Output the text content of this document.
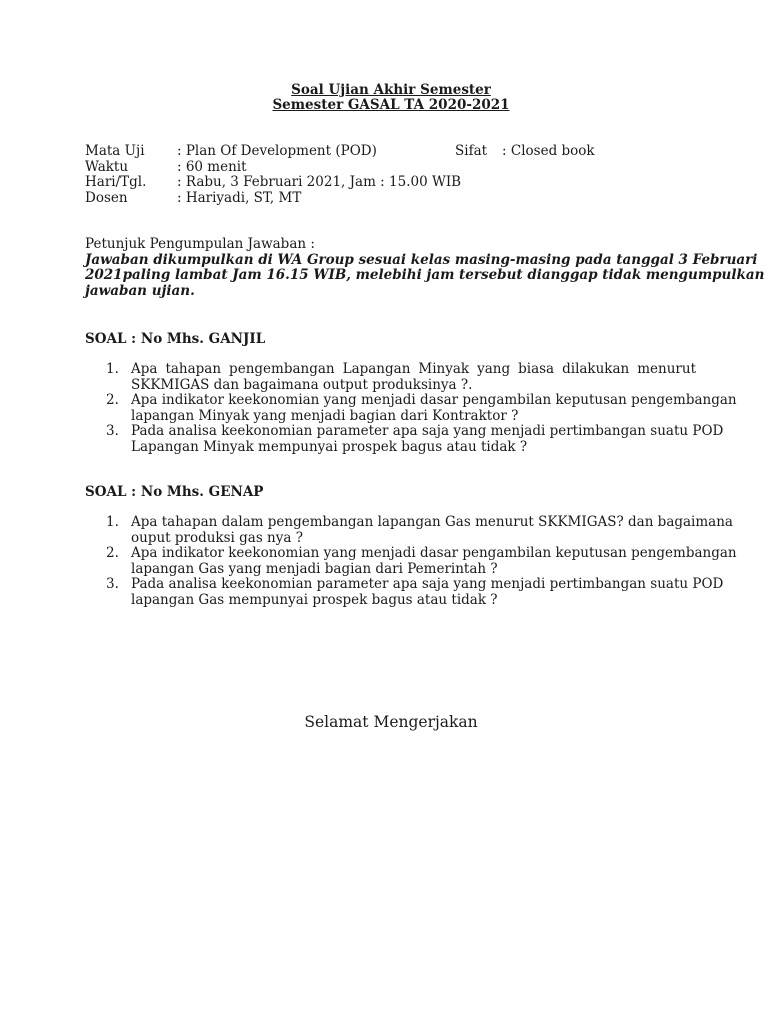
Soal Ujian Akhir Semester

Semester GASAL TA 2020-2021

Mata Uji : Plan Of Development (POD)	Sifat : Closed book
Waktu	: 60 menit
Hari/Tgl. : Rabu, 3 Februari 2021, Jam : 15.00 WIB
Dosen	: Hariyadi, ST, MT
Petunjuk Pengumpulan Jawaban :
Jawaban dikumpulkan di WA Group sesuai kelas masing-masing pada tanggal 3 Februari
2021paling lambat Jam 16.15 WIB, melebihi jam tersebut dianggap tidak mengumpulkan
jawaban ujian.

SOAL : No Mhs. GANJIL

1. Apa tahapan pengembangan Lapangan Minyak yang biasa dilakukan menurut
SKKMIGAS dan bagaimana output produksinya ?.
2. Apa indikator keekonomian yang menjadi dasar pengambilan keputusan pengembangan
lapangan Minyak yang menjadi bagian dari Kontraktor ?
3. Pada analisa keekonomian parameter apa saja yang menjadi pertimbangan suatu POD
Lapangan Minyak mempunyai prospek bagus atau tidak ?

SOAL : No Mhs. GENAP

1. Apa tahapan dalam pengembangan lapangan Gas menurut SKKMIGAS? dan bagaimana
ouput produksi gas nya ?
2. Apa indikator keekonomian yang menjadi dasar pengambilan keputusan pengembangan
lapangan Gas yang menjadi bagian dari Pemerintah ?
3. Pada analisa keekonomian parameter apa saja yang menjadi pertimbangan suatu POD
lapangan Gas mempunyai prospek bagus atau tidak ?

Selamat Mengerjakan
